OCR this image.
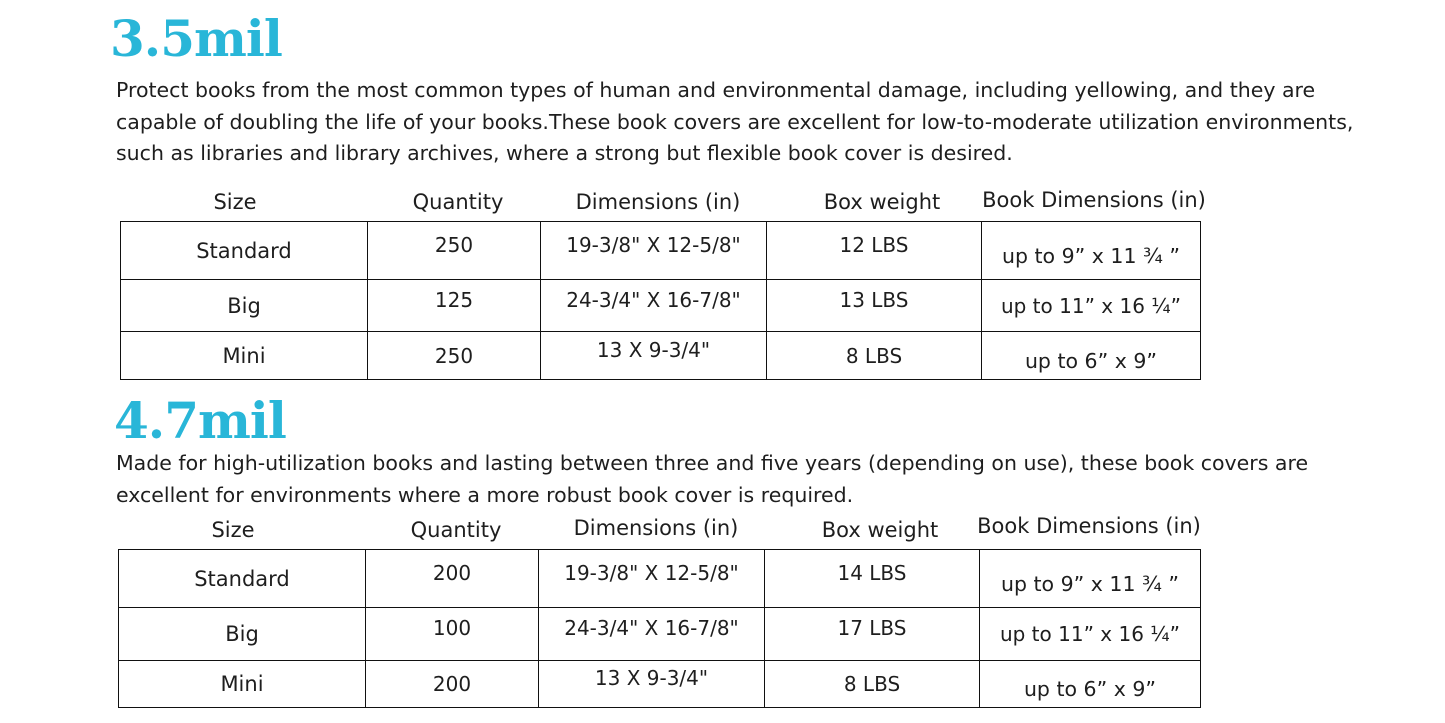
3.5mil

Protect books from the most common types of human and environmental damage, including yellowing, and they are capable of doubling the life of your books.These book covers are excellent for low-to-moderate utilization environments, such as libraries and library archives, where a strong but flexible book cover is desired.

Size	Quantity	Dimensions (in)	Box weight	Book Dimensions (in)
Standard	250	19-3/8" X 12-5/8"	12 LBS	up to 9” x 11 ¾ ”
Big	125	24-3/4" X 16-7/8"	13 LBS	up to 11” x 16 ¼”
Mini	250	13 X 9-3/4"	8 LBS	up to 6” x 9”
4.7mil

Made for high-utilization books and lasting between three and five years (depending on use), these book covers are excellent for environments where a more robust book cover is required.

Size	Quantity	Dimensions (in)	Box weight	Book Dimensions (in)
Standard	200	19-3/8" X 12-5/8"	14 LBS	up to 9” x 11 ¾ ”
Big	100	24-3/4" X 16-7/8"	17 LBS	up to 11” x 16 ¼”
Mini	200	13 X 9-3/4"	8 LBS	up to 6” x 9”
